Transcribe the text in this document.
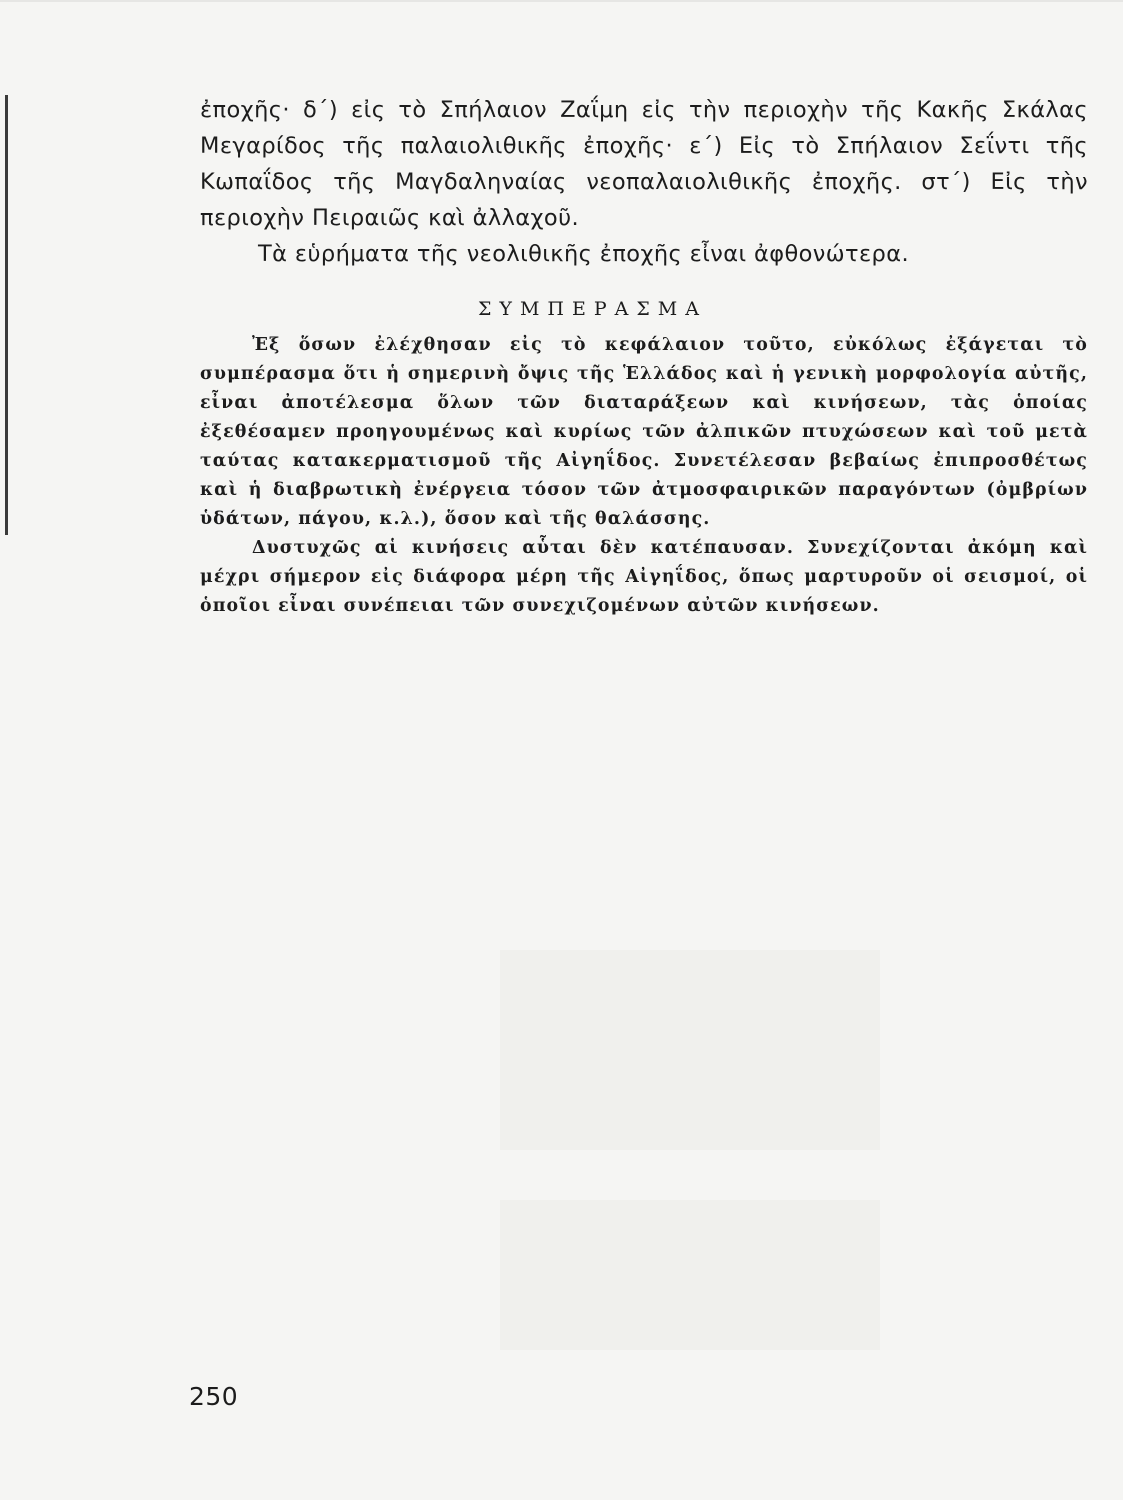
ἐποχῆς· δ΄) εἰς τὸ Σπήλαιον Ζαΐμη εἰς τὴν περιοχὴν τῆς Κακῆς Σκάλας Μεγαρίδος τῆς παλαιολιθικῆς ἐποχῆς· ε΄) Εἰς τὸ Σπήλαιον Σεΐντι τῆς Κωπαΐδος τῆς Μαγδαληναίας νεοπαλαιολιθικῆς ἐποχῆς. στ΄) Εἰς τὴν περιοχὴν Πειραιῶς καὶ ἀλλαχοῦ.

Τὰ εὑρήματα τῆς νεολιθικῆς ἐποχῆς εἶναι ἀφθονώτερα.

ΣΥΜΠΕΡΑΣΜΑ

Ἐξ ὅσων ἐλέχθησαν εἰς τὸ κεφάλαιον τοῦτο, εὐκόλως ἐξάγεται τὸ συμπέρασμα ὅτι ἡ σημερινὴ ὄψις τῆς Ἑλλάδος καὶ ἡ γενικὴ μορφολογία αὐτῆς, εἶναι ἀποτέλεσμα ὅλων τῶν διαταράξεων καὶ κινήσεων, τὰς ὁποίας ἐξεθέσαμεν προηγουμένως καὶ κυρίως τῶν ἀλπικῶν πτυχώσεων καὶ τοῦ μετὰ ταύτας κατακερματισμοῦ τῆς Αἰγηΐδος. Συνετέλεσαν βεβαίως ἐπιπροσθέτως καὶ ἡ διαβρωτικὴ ἐνέργεια τόσον τῶν ἀτμοσφαιρικῶν παραγόντων (ὀμβρίων ὑδάτων, πάγου, κ.λ.), ὅσον καὶ τῆς θαλάσσης.

Δυστυχῶς αἱ κινήσεις αὗται δὲν κατέπαυσαν. Συνεχίζονται ἀκόμη καὶ μέχρι σήμερον εἰς διάφορα μέρη τῆς Αἰγηΐδος, ὅπως μαρτυροῦν οἱ σεισμοί, οἱ ὁποῖοι εἶναι συνέπειαι τῶν συνεχιζομένων αὐτῶν κινήσεων.

250
